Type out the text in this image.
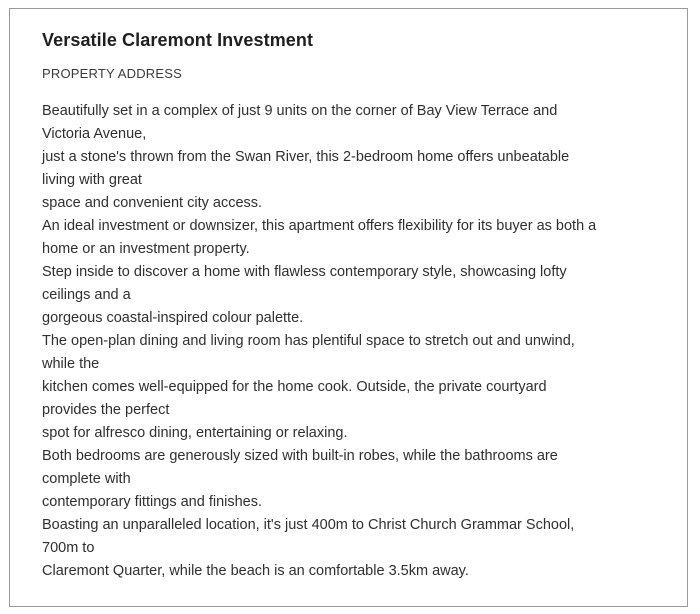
Versatile Claremont Investment
PROPERTY ADDRESS
Beautifully set in a complex of just 9 units on the corner of Bay View Terrace and
Victoria Avenue,
just a stone's thrown from the Swan River, this 2-bedroom home offers unbeatable
living with great
space and convenient city access.
An ideal investment or downsizer, this apartment offers flexibility for its buyer as both a
home or an investment property.
Step inside to discover a home with flawless contemporary style, showcasing lofty
ceilings and a
gorgeous coastal-inspired colour palette.
The open-plan dining and living room has plentiful space to stretch out and unwind,
while the
kitchen comes well-equipped for the home cook. Outside, the private courtyard
provides the perfect
spot for alfresco dining, entertaining or relaxing.
Both bedrooms are generously sized with built-in robes, while the bathrooms are
complete with
contemporary fittings and finishes.
Boasting an unparalleled location, it's just 400m to Christ Church Grammar School,
700m to
Claremont Quarter, while the beach is an comfortable 3.5km away.
